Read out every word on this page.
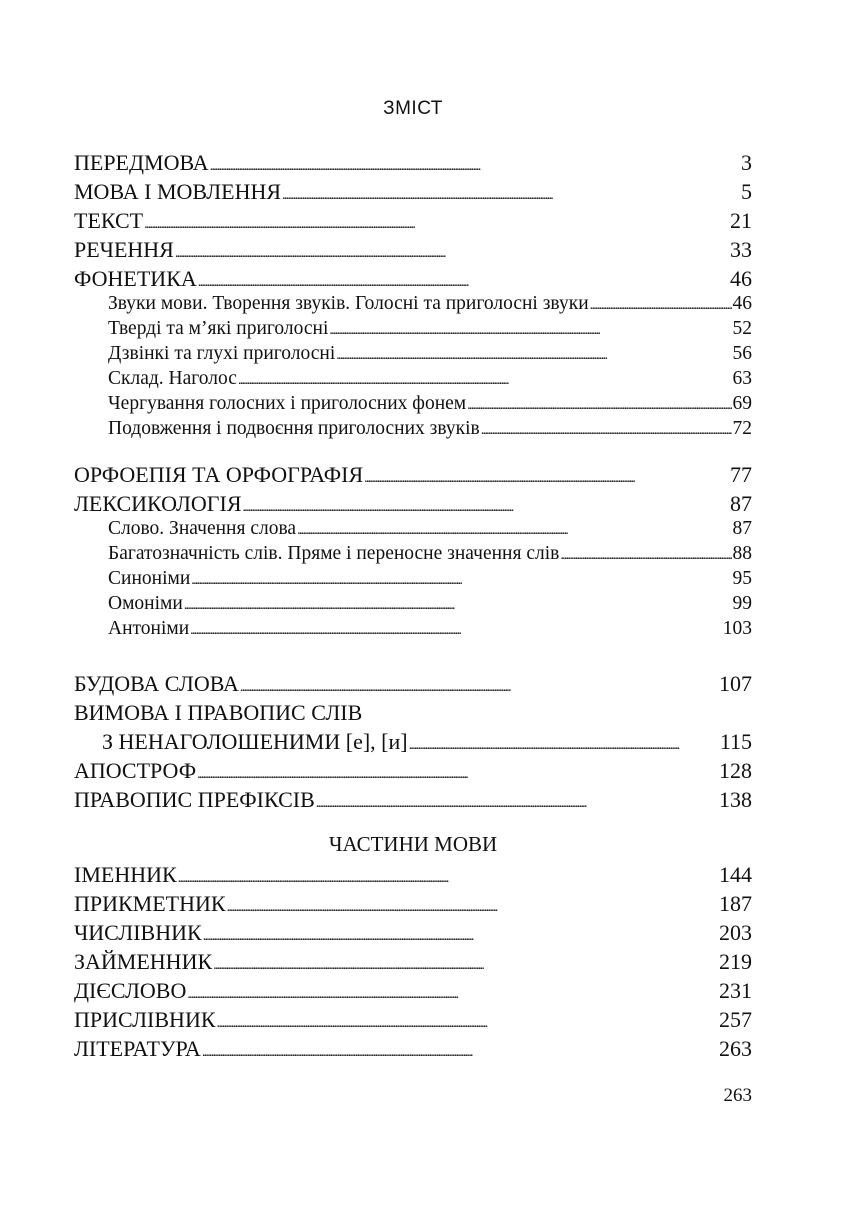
ЗМІСТ
ПЕРЕДМОВА . . .	3
МОВА І МОВЛЕННЯ . . .	5
ТЕКСТ . . .	21
РЕЧЕННЯ . . .	33
ФОНЕТИКА . . .	46
Звуки мови. Творення звуків. Голосні та приголосні звуки . . .	46
Тверді та м’які приголосні . . .	52
Дзвінкі та глухі приголосні . . .	56
Склад. Наголос . . .	63
Чергування голосних і приголосних фонем . . .	69
Подовження і подвоєння приголосних звуків . . .	72
ОРФОЕПІЯ ТА ОРФОГРАФІЯ . . .	77
ЛЕКСИКОЛОГІЯ . . .	87
Слово. Значення слова . . .	87
Багатозначність слів. Пряме і переносне значення слів . . .	88
Синоніми . . .	95
Омоніми . . .	99
Антоніми . . .	103
БУДОВА СЛОВА . . .	107
ВИМОВА І ПРАВОПИС СЛІВ
З НЕНАГОЛОШЕНИМИ [е], [и] . . .	115
АПОСТРОФ . . .	128
ПРАВОПИС ПРЕФІКСІВ . . .	138
ЧАСТИНИ МОВИ
ІМЕННИК . . .	144
ПРИКМЕТНИК . . .	187
ЧИСЛІВНИК . . .	203
ЗАЙМЕННИК . . .	219
ДІЄСЛОВО . . .	231
ПРИСЛІВНИК . . .	257
ЛІТЕРАТУРА . . .	263
263
